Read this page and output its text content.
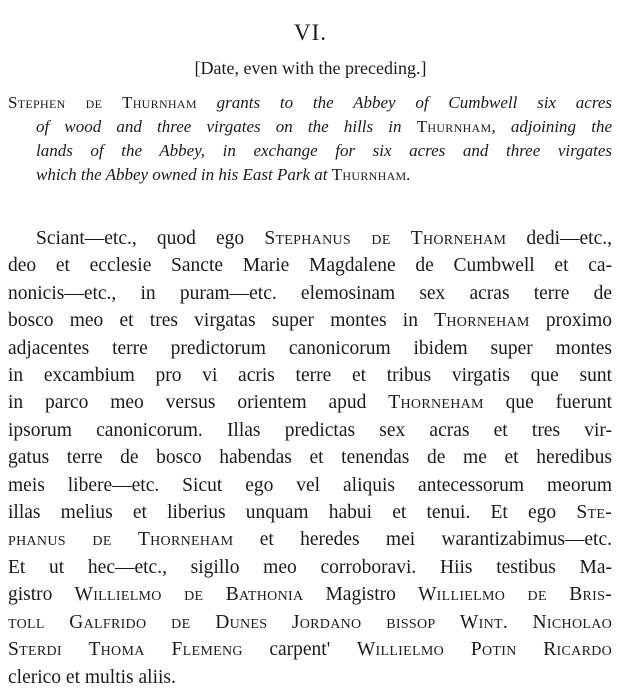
VI.
[Date, even with the preceding.]
Stephen de Thurnham grants to the Abbey of Cumbwell six acres
of wood and three virgates on the hills in Thurnham, adjoining the
lands of the Abbey, in exchange for six acres and three virgates
which the Abbey owned in his East Park at Thurnham.
Sciant—etc., quod ego Stephanus de Thorneham dedi—etc.,
deo et ecclesie Sancte Marie Magdalene de Cumbwell et ca-
nonicis—etc., in puram—etc. elemosinam sex acras terre de
bosco meo et tres virgatas super montes in Thorneham proximo
adjacentes terre predictorum canonicorum ibidem super montes
in excambium pro vi acris terre et tribus virgatis que sunt
in parco meo versus orientem apud Thorneham que fuerunt
ipsorum canonicorum. Illas predictas sex acras et tres vir-
gatus terre de bosco habendas et tenendas de me et heredibus
meis libere—etc. Sicut ego vel aliquis antecessorum meorum
illas melius et liberius unquam habui et tenui. Et ego Ste-
phanus de Thorneham et heredes mei warantizabimus—etc.
Et ut hec—etc., sigillo meo corroboravi. Hiis testibus Ma-
gistro Willielmo de Bathonia Magistro Willielmo de Bris-
toll Galfrido de Dunes Jordano bissop Wint. Nicholao
Sterdi Thoma Flemeng carpent' Willielmo Potin Ricardo
clerico et multis aliis.
